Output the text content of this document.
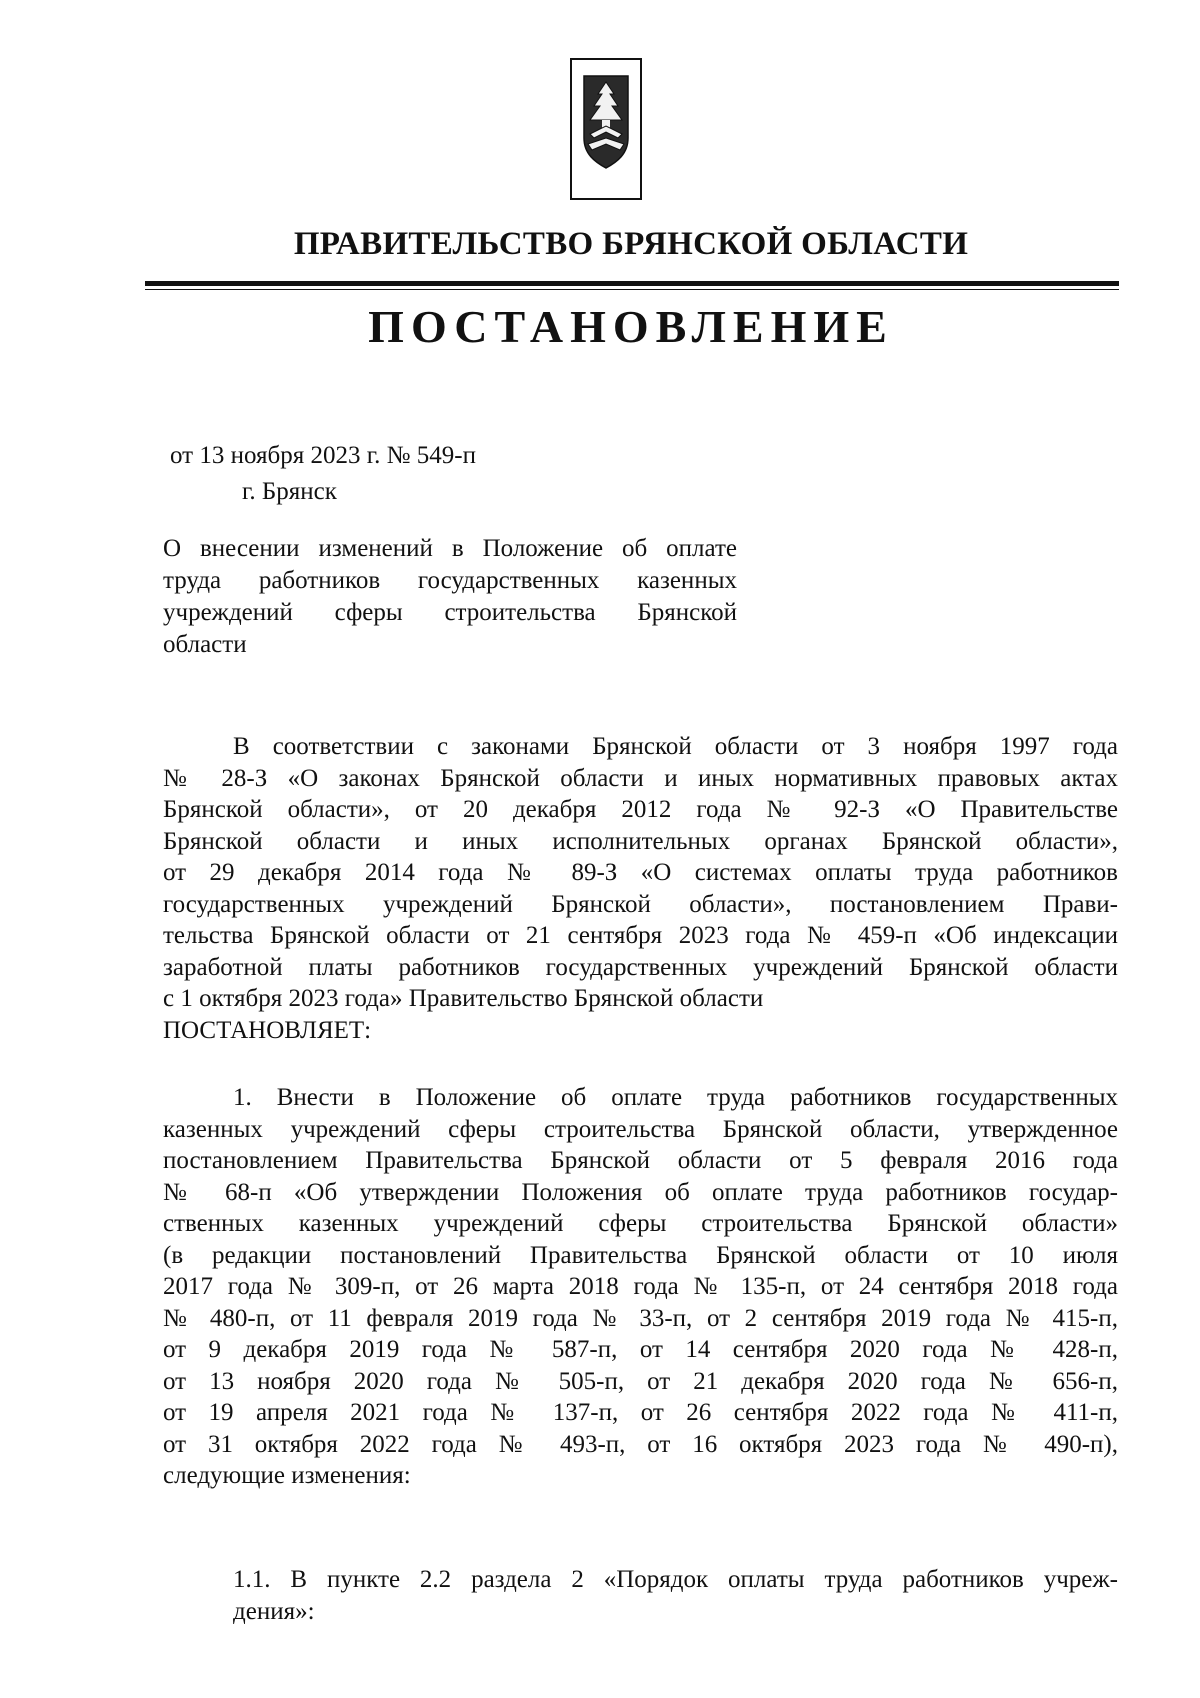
ПРАВИТЕЛЬСТВО БРЯНСКОЙ ОБЛАСТИ
ПОСТАНОВЛЕНИЕ
от 13 ноября 2023 г. № 549-п
г. Брянск
О внесении изменений в Положение об оплате
труда работников государственных казенных
учреждений сферы строительства Брянской
области
В соответствии с законами Брянской области от 3 ноября 1997 года
№ 28-З «О законах Брянской области и иных нормативных правовых актах
Брянской области», от 20 декабря 2012 года № 92-З «О Правительстве
Брянской области и иных исполнительных органах Брянской области»,
от 29 декабря 2014 года № 89-З «О системах оплаты труда работников
государственных учреждений Брянской области», постановлением Прави-
тельства Брянской области от 21 сентября 2023 года № 459-п «Об индексации
заработной платы работников государственных учреждений Брянской области
с 1 октября 2023 года» Правительство Брянской области
ПОСТАНОВЛЯЕТ:
1. Внести в Положение об оплате труда работников государственных
казенных учреждений сферы строительства Брянской области, утвержденное
постановлением Правительства Брянской области от 5 февраля 2016 года
№ 68-п «Об утверждении Положения об оплате труда работников государ-
ственных казенных учреждений сферы строительства Брянской области»
(в редакции постановлений Правительства Брянской области от 10 июля
2017 года № 309-п, от 26 марта 2018 года № 135-п, от 24 сентября 2018 года
№ 480-п, от 11 февраля 2019 года № 33-п, от 2 сентября 2019 года № 415-п,
от 9 декабря 2019 года № 587-п, от 14 сентября 2020 года № 428-п,
от 13 ноября 2020 года № 505-п, от 21 декабря 2020 года № 656-п,
от 19 апреля 2021 года № 137-п, от 26 сентября 2022 года № 411-п,
от 31 октября 2022 года № 493-п, от 16 октября 2023 года № 490-п),
следующие изменения:
1.1. В пункте 2.2 раздела 2 «Порядок оплаты труда работников учреж-
дения»:
